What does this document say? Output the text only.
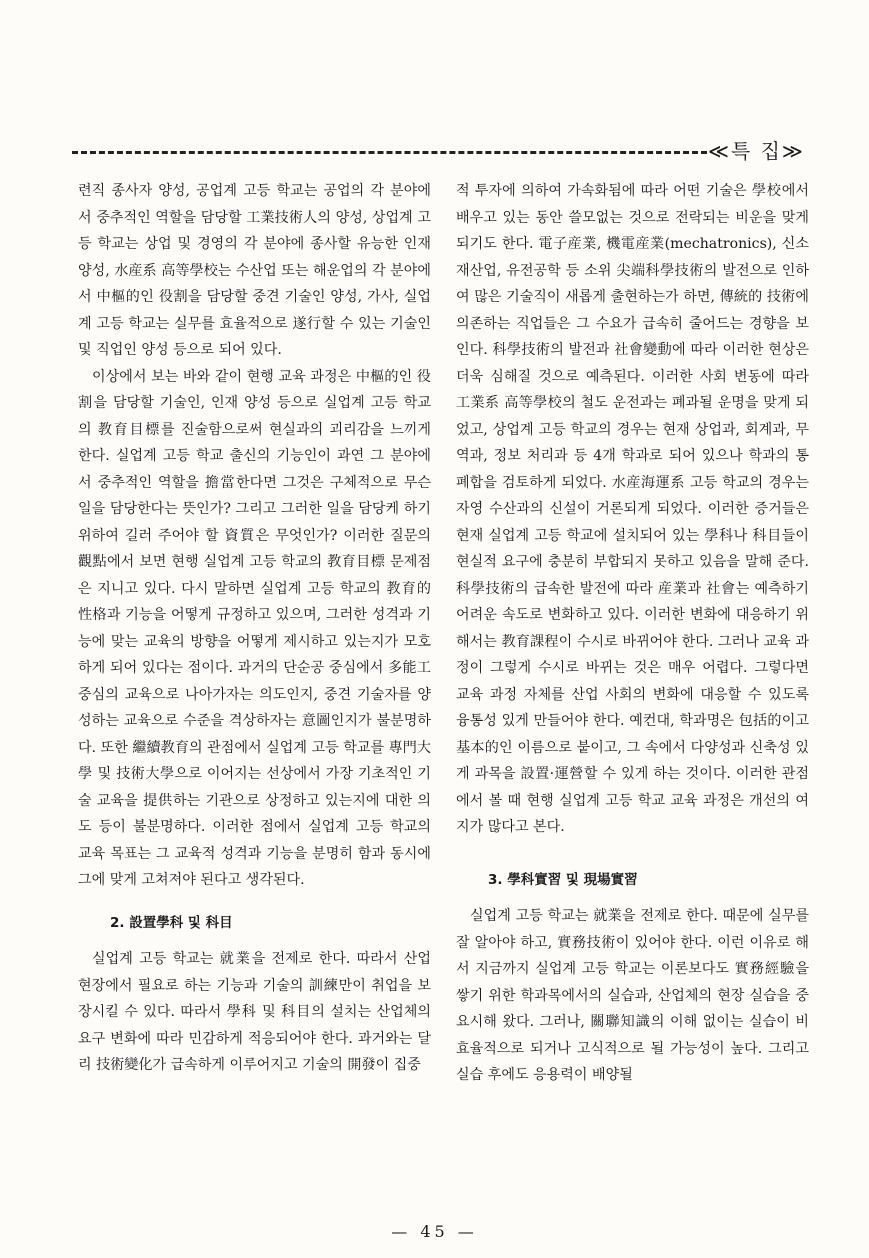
≪특 집≫

련직 종사자 양성, 공업계 고등 학교는 공업의 각 분야에서 중추적인 역할을 담당할 工業技術人의 양성, 상업계 고등 학교는 상업 및 경영의 각 분야에 종사할 유능한 인재 양성, 水産系 高等學校는 수산업 또는 해운업의 각 분야에서 中樞的인 役割을 담당할 중견 기술인 양성, 가사, 실업계 고등 학교는 실무를 효율적으로 遂行할 수 있는 기술인 및 직업인 양성 등으로 되어 있다.

이상에서 보는 바와 같이 현행 교육 과정은 中樞的인 役割을 담당할 기술인, 인재 양성 등으로 실업계 고등 학교의 教育目標를 진술함으로써 현실과의 괴리감을 느끼게 한다. 실업계 고등 학교 출신의 기능인이 과연 그 분야에서 중추적인 역할을 擔當한다면 그것은 구체적으로 무슨 일을 담당한다는 뜻인가? 그리고 그러한 일을 담당케 하기 위하여 길러 주어야 할 資質은 무엇인가? 이러한 질문의 觀點에서 보면 현행 실업계 고등 학교의 教育目標 문제점은 지니고 있다. 다시 말하면 실업계 고등 학교의 教育的 性格과 기능을 어떻게 규정하고 있으며, 그러한 성격과 기능에 맞는 교육의 방향을 어떻게 제시하고 있는지가 모호하게 되어 있다는 점이다. 과거의 단순공 중심에서 多能工 중심의 교육으로 나아가자는 의도인지, 중견 기술자를 양성하는 교육으로 수준을 격상하자는 意圖인지가 불분명하다. 또한 繼續教育의 관점에서 실업계 고등 학교를 專門大學 및 技術大學으로 이어지는 선상에서 가장 기초적인 기술 교육을 提供하는 기관으로 상정하고 있는지에 대한 의도 등이 불분명하다. 이러한 점에서 실업계 고등 학교의 교육 목표는 그 교육적 성격과 기능을 분명히 함과 동시에 그에 맞게 고쳐져야 된다고 생각된다.

2. 設置學科 및 科目

실업계 고등 학교는 就業을 전제로 한다. 따라서 산업 현장에서 필요로 하는 기능과 기술의 訓練만이 취업을 보장시킬 수 있다. 따라서 學科 및 科目의 설치는 산업체의 요구 변화에 따라 민감하게 적응되어야 한다. 과거와는 달리 技術變化가 급속하게 이루어지고 기술의 開發이 집중

적 투자에 의하여 가속화됨에 따라 어떤 기술은 學校에서 배우고 있는 동안 쓸모없는 것으로 전락되는 비운을 맞게 되기도 한다. 電子産業, 機電産業(mechatronics), 신소재산업, 유전공학 등 소위 尖端科學技術의 발전으로 인하여 많은 기술직이 새롭게 출현하는가 하면, 傳統的 技術에 의존하는 직업들은 그 수요가 급속히 줄어드는 경향을 보인다. 科學技術의 발전과 社會變動에 따라 이러한 현상은 더욱 심해질 것으로 예측된다. 이러한 사회 변동에 따라 工業系 高等學校의 철도 운전과는 폐과될 운명을 맞게 되었고, 상업계 고등 학교의 경우는 현재 상업과, 회계과, 무역과, 정보 처리과 등 4개 학과로 되어 있으나 학과의 통폐합을 검토하게 되었다. 水産海運系 고등 학교의 경우는 자영 수산과의 신설이 거론되게 되었다. 이러한 증거들은 현재 실업계 고등 학교에 설치되어 있는 學科나 科目들이 현실적 요구에 충분히 부합되지 못하고 있음을 말해 준다. 科學技術의 급속한 발전에 따라 産業과 社會는 예측하기 어려운 속도로 변화하고 있다. 이러한 변화에 대응하기 위해서는 教育課程이 수시로 바뀌어야 한다. 그러나 교육 과정이 그렇게 수시로 바뀌는 것은 매우 어렵다. 그렇다면 교육 과정 자체를 산업 사회의 변화에 대응할 수 있도록 융통성 있게 만들어야 한다. 예컨대, 학과명은 包括的이고 基本的인 이름으로 붙이고, 그 속에서 다양성과 신축성 있게 과목을 設置·運營할 수 있게 하는 것이다. 이러한 관점에서 볼 때 현행 실업계 고등 학교 교육 과정은 개선의 여지가 많다고 본다.

3. 學科實習 및 現場實習

실업계 고등 학교는 就業을 전제로 한다. 때문에 실무를 잘 알아야 하고, 實務技術이 있어야 한다. 이런 이유로 해서 지금까지 실업계 고등 학교는 이론보다도 實務經驗을 쌓기 위한 학과목에서의 실습과, 산업체의 현장 실습을 중요시해 왔다. 그러나, 關聯知識의 이해 없이는 실습이 비효율적으로 되거나 고식적으로 될 가능성이 높다. 그리고 실습 후에도 응용력이 배양될

— 45 —
